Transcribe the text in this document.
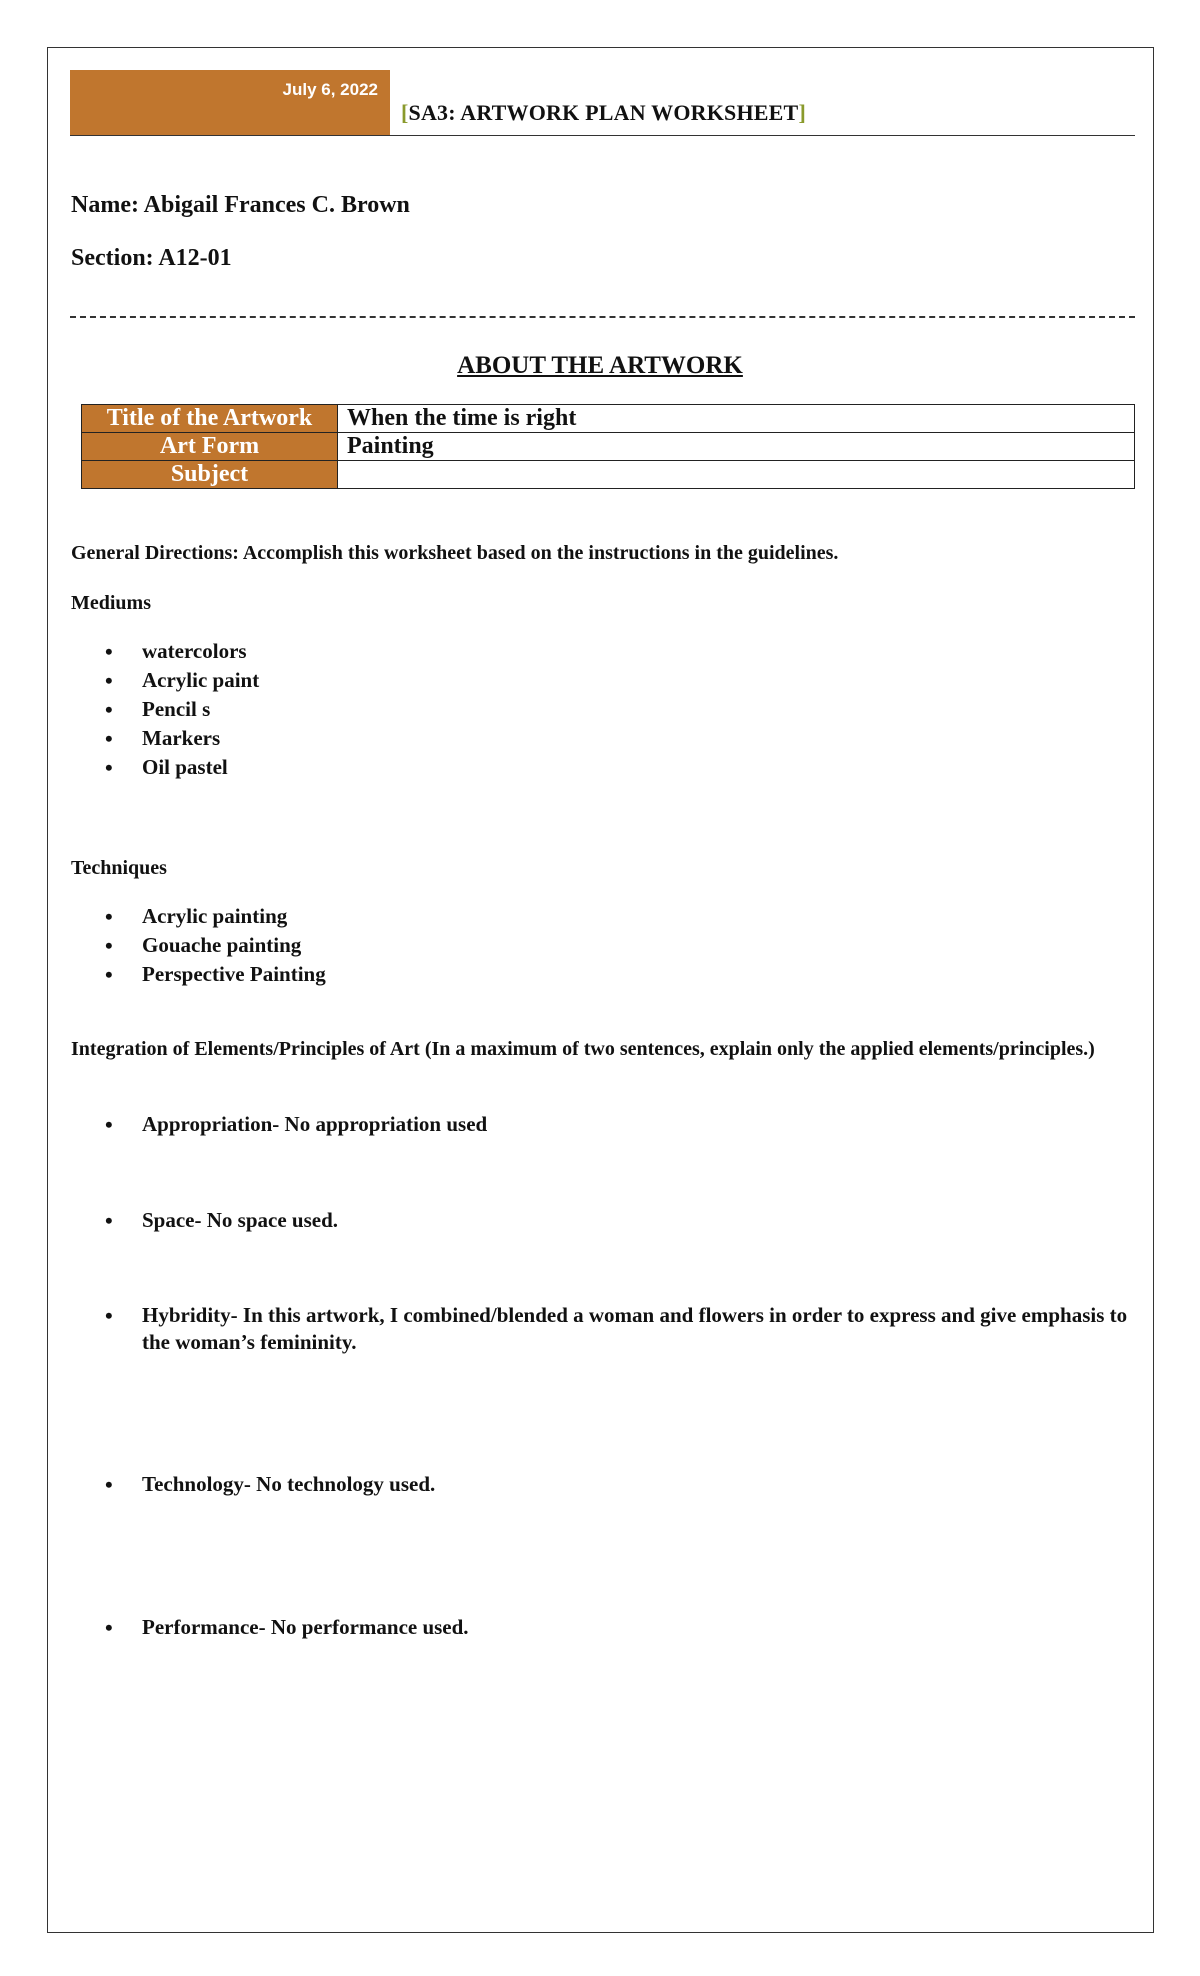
July 6, 2022
[SA3: ARTWORK PLAN WORKSHEET]
Name: Abigail Frances C. Brown
Section: A12-01
ABOUT THE ARTWORK
Title of the Artwork	When the time is right
Art Form	Painting
Subject	
General Directions: Accomplish this worksheet based on the instructions in the guidelines.
Mediums
• watercolors
• Acrylic paint
• Pencil s
• Markers
• Oil pastel
Techniques
• Acrylic painting
• Gouache painting
• Perspective Painting
Integration of Elements/Principles of Art (In a maximum of two sentences, explain only the applied elements/principles.)
• Appropriation- No appropriation used
• Space- No space used.
• Hybridity- In this artwork, I combined/blended a woman and flowers in order to express and give emphasis to the woman’s femininity.
• Technology- No technology used.
• Performance- No performance used.
